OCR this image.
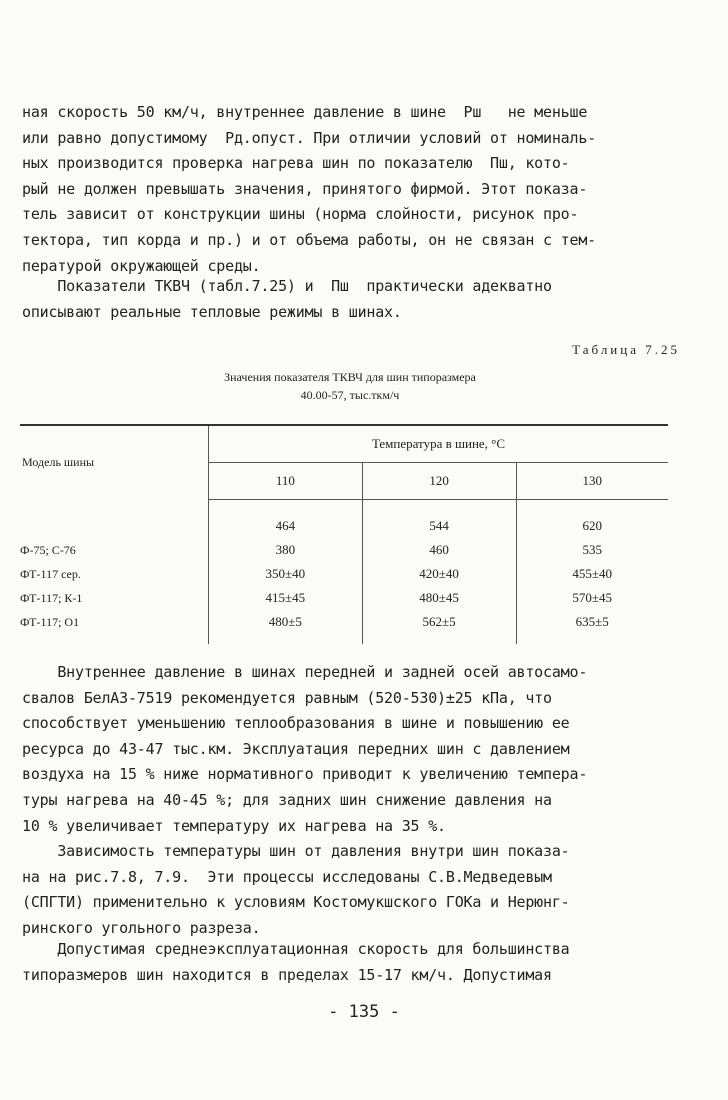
ная скорость 50 км/ч, внутреннее давление в шине  Pш   не меньше
или равно допустимому  Pд.опуст. При отличии условий от номиналь-
ных производится проверка нагрева шин по показателю  Пш, кото-
рый не должен превышать значения, принятого фирмой. Этот показа-
тель зависит от конструкции шины (норма слойности, рисунок про-
тектора, тип корда и пр.) и от объема работы, он не связан с тем-
пературой окружающей среды.
Показатели ТКВЧ (табл.7.25) и  Пш  практически адекватно
описывают реальные тепловые режимы в шинах.
Таблица 7.25
Значения показателя ТКВЧ для шин типоразмера
40.00-57, тыс.ткм/ч
Модель шины	Температура в шине, °С		
	110	120	130
	464	544	620
Ф-75; С-76	380	460	535
ФТ-117 сер.	350±40	420±40	455±40
ФТ-117; К-1	415±45	480±45	570±45
ФТ-117; О1	480±5	562±5	635±5
Внутреннее давление в шинах передней и задней осей автосамо-
свалов БелАЗ-7519 рекомендуется равным (520-530)±25 кПа, что
способствует уменьшению теплообразования в шине и повышению ее
ресурса до 43-47 тыс.км. Эксплуатация передних шин с давлением
воздуха на 15 % ниже нормативного приводит к увеличению темпера-
туры нагрева на 40-45 %; для задних шин снижение давления на
10 % увеличивает температуру их нагрева на 35 %.
Зависимость температуры шин от давления внутри шин показа-
на на рис.7.8, 7.9.  Эти процессы исследованы С.В.Медведевым
(СПГТИ) применительно к условиям Костомукшского ГОКа и Нерюнг-
ринского угольного разреза.
Допустимая среднеэксплуатационная скорость для большинства
типоразмеров шин находится в пределах 15-17 км/ч. Допустимая
- 135 -
